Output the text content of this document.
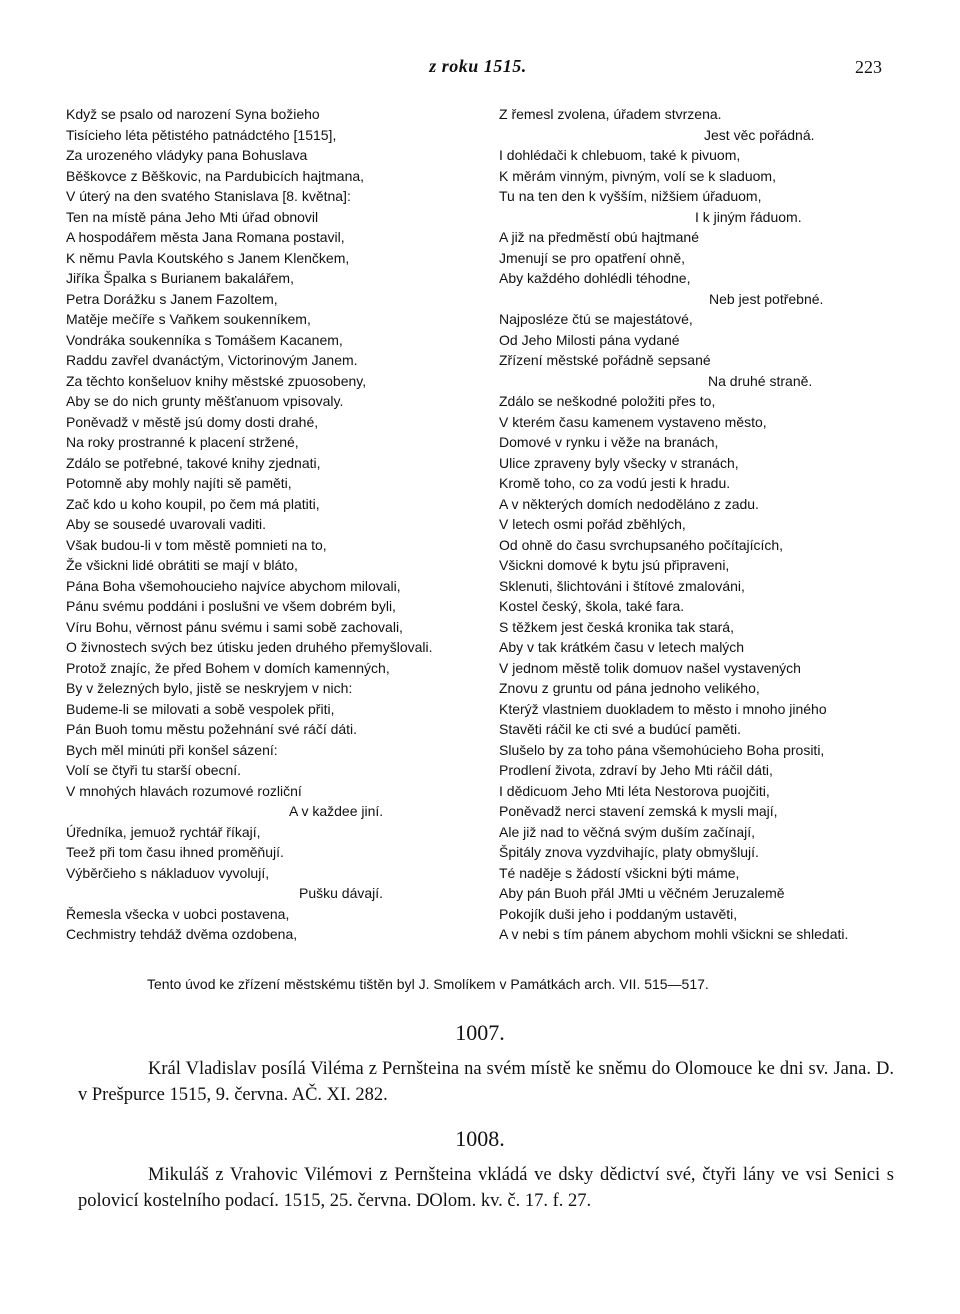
z roku 1515.	223
Když se psalo od narození Syna božieho
Tisícieho léta pětistého patnádctého [1515],
Za urozeného vládyky pana Bohuslava
Běškovce z Běškovic, na Pardubicích hajtmana,
V úterý na den svatého Stanislava [8. května]:
Ten na místě pána Jeho Mti úřad obnovil
A hospodářem města Jana Romana postavil,
K němu Pavla Koutského s Janem Klenčkem,
Jiříka Špalka s Burianem bakalářem,
Petra Dorážku s Janem Fazoltem,
Matěje mečíře s Vaňkem soukenníkem,
Vondráka soukenníka s Tomášem Kacanem,
Raddu zavřel dvanáctým, Victorinovým Janem.
Za těchto konšeluov knihy městské zpuosobeny,
Aby se do nich grunty měšťanuom vpisovaly.
Poněvadž v městě jsú domy dosti drahé,
Na roky prostranné k placení stržené,
Zdálo se potřebné, takové knihy zjednati,
Potomně aby mohly najíti sě paměti,
Zač kdo u koho koupil, po čem má platiti,
Aby se sousedé uvarovali vaditi.
Však budou-li v tom městě pomnieti na to,
Že všickni lidé obrátiti se mají v bláto,
Pána Boha všemohoucieho najvíce abychom milovali,
Pánu svému poddáni i poslušni ve všem dobrém byli,
Víru Bohu, věrnost pánu svému i sami sobě zachovali,
O živnostech svých bez útisku jeden druhého přemyšlovali.
Protož znajíc, že před Bohem v domích kamenných,
By v železných bylo, jistě se neskryjem v nich:
Budeme-li se milovati a sobě vespolek přiti,
Pán Buoh tomu městu požehnání své ráčí dáti.
Bych měl minúti při konšel sázení:
Volí se čtyři tu starší obecní.
V mnohých hlavách rozumové rozliční
A v každee jiní.
Úředníka, jemuož rychtář říkají,
Teež při tom času ihned proměňují.
Výběrčieho s nákladuov vyvolují,
Pušku dávají.
Řemesla všecka v uobci postavena,
Cechmistry tehdáž dvěma ozdobena,
Z řemesl zvolena, úřadem stvrzena.
Jest věc pořádná.
I dohlédači k chlebuom, také k pivuom,
K měrám vinným, pivným, volí se k sladuom,
Tu na ten den k vyšším, nižšiem úřaduom,
I k jiným řáduom.
A již na předměstí obú hajtmané
Jmenují se pro opatření ohně,
Aby každého dohlédli téhodne,
Neb jest potřebné.
Najposléze čtú se majestátové,
Od Jeho Milosti pána vydané
Zřízení městské pořádně sepsané
Na druhé straně.
Zdálo se neškodné položiti přes to,
V kterém času kamenem vystaveno město,
Domové v rynku i věže na branách,
Ulice zpraveny byly všecky v stranách,
Kromě toho, co za vodú jesti k hradu.
A v některých domích nedoděláno z zadu.
V letech osmi pořád zběhlých,
Od ohně do času svrchupsaného počítajících,
Všickni domové k bytu jsú připraveni,
Sklenuti, šlichtováni i štítové zmalováni,
Kostel český, škola, také fara.
S těžkem jest česká kronika tak stará,
Aby v tak krátkém času v letech malých
V jednom městě tolik domuov našel vystavených
Znovu z gruntu od pána jednoho velikého,
Kterýž vlastniem duokladem to město i mnoho jiného
Stavěti ráčil ke cti své a budúcí paměti.
Slušelo by za toho pána všemohúcieho Boha prositi,
Prodlení života, zdraví by Jeho Mti ráčil dáti,
I dědicuom Jeho Mti léta Nestorova puojčiti,
Poněvadž nerci stavení zemská k mysli mají,
Ale již nad to věčná svým duším začínají,
Špitály znova vyzdvihajíc, platy obmyšlují.
Té naděje s žádostí všickni býti máme,
Aby pán Buoh přál JMti u věčném Jeruzalemě
Pokojík duši jeho i poddaným ustavěti,
A v nebi s tím pánem abychom mohli všickni se shledati.
Tento úvod ke zřízení městskému tištěn byl J. Smolíkem v Památkách arch. VII. 515—517.
1007.
Král Vladislav posílá Viléma z Pernšteina na svém místě ke sněmu do Olomouce ke dni sv. Jana. D. v Prešpurce 1515, 9. června. AČ. XI. 282.
1008.
Mikuláš z Vrahovic Vilémovi z Pernšteina vkládá ve dsky dědictví své, čtyři lány ve vsi Senici s polovicí kostelního podací. 1515, 25. června. DOlom. kv. č. 17. f. 27.
